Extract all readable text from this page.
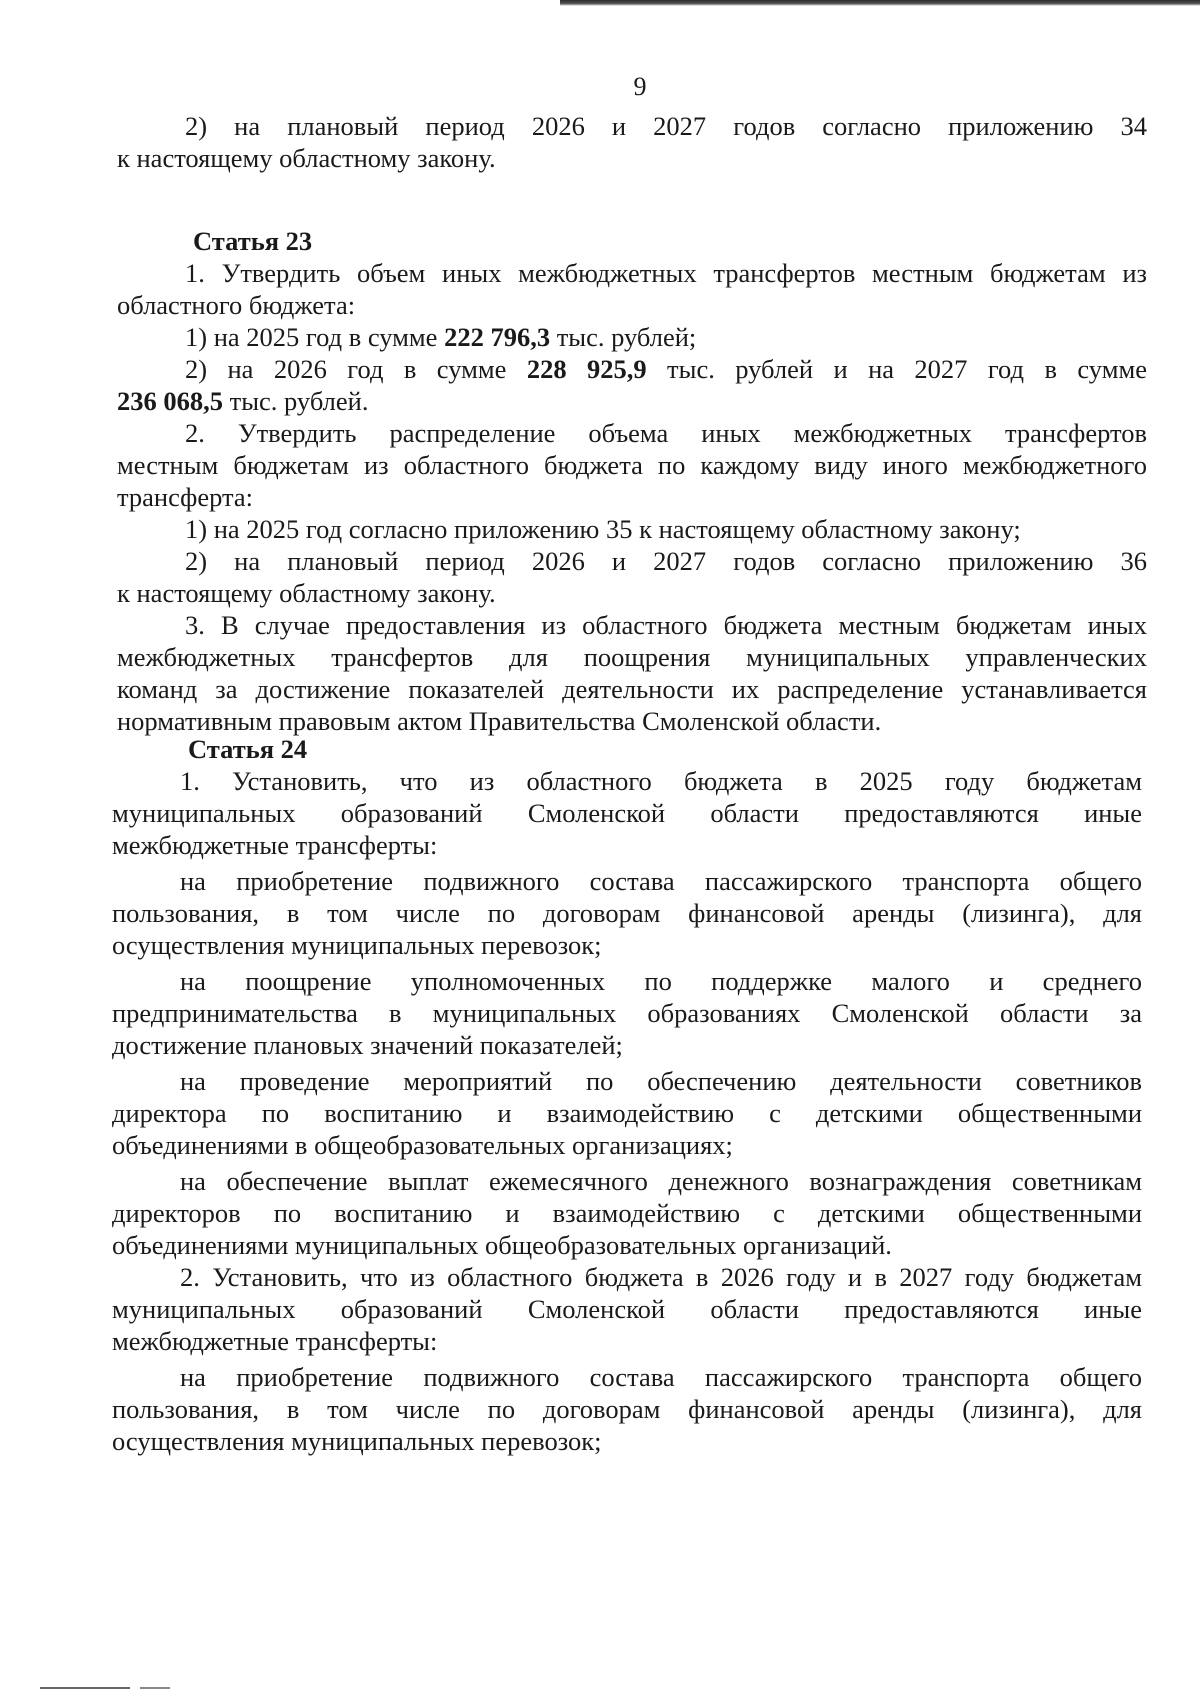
9
2) на плановый период 2026 и 2027 годов согласно приложению 34
к настоящему областному закону.
Статья 23
1. Утвердить объем иных межбюджетных трансфертов местным бюджетам из
областного бюджета:
1) на 2025 год в сумме 222 796,3 тыс. рублей;
2) на 2026 год в сумме 228 925,9 тыс. рублей и на 2027 год в сумме
236 068,5 тыс. рублей.
2. Утвердить распределение объема иных межбюджетных трансфертов
местным бюджетам из областного бюджета по каждому виду иного межбюджетного
трансферта:
1) на 2025 год согласно приложению 35 к настоящему областному закону;
2) на плановый период 2026 и 2027 годов согласно приложению 36
к настоящему областному закону.
3. В случае предоставления из областного бюджета местным бюджетам иных
межбюджетных трансфертов для поощрения муниципальных управленческих
команд за достижение показателей деятельности их распределение устанавливается
нормативным правовым актом Правительства Смоленской области.
Статья 24
1. Установить, что из областного бюджета в 2025 году бюджетам
муниципальных образований Смоленской области предоставляются иные
межбюджетные трансферты:
на приобретение подвижного состава пассажирского транспорта общего
пользования, в том числе по договорам финансовой аренды (лизинга), для
осуществления муниципальных перевозок;
на поощрение уполномоченных по поддержке малого и среднего
предпринимательства в муниципальных образованиях Смоленской области за
достижение плановых значений показателей;
на проведение мероприятий по обеспечению деятельности советников
директора по воспитанию и взаимодействию с детскими общественными
объединениями в общеобразовательных организациях;
на обеспечение выплат ежемесячного денежного вознаграждения советникам
директоров по воспитанию и взаимодействию с детскими общественными
объединениями муниципальных общеобразовательных организаций.
2. Установить, что из областного бюджета в 2026 году и в 2027 году бюджетам
муниципальных образований Смоленской области предоставляются иные
межбюджетные трансферты:
на приобретение подвижного состава пассажирского транспорта общего
пользования, в том числе по договорам финансовой аренды (лизинга), для
осуществления муниципальных перевозок;
